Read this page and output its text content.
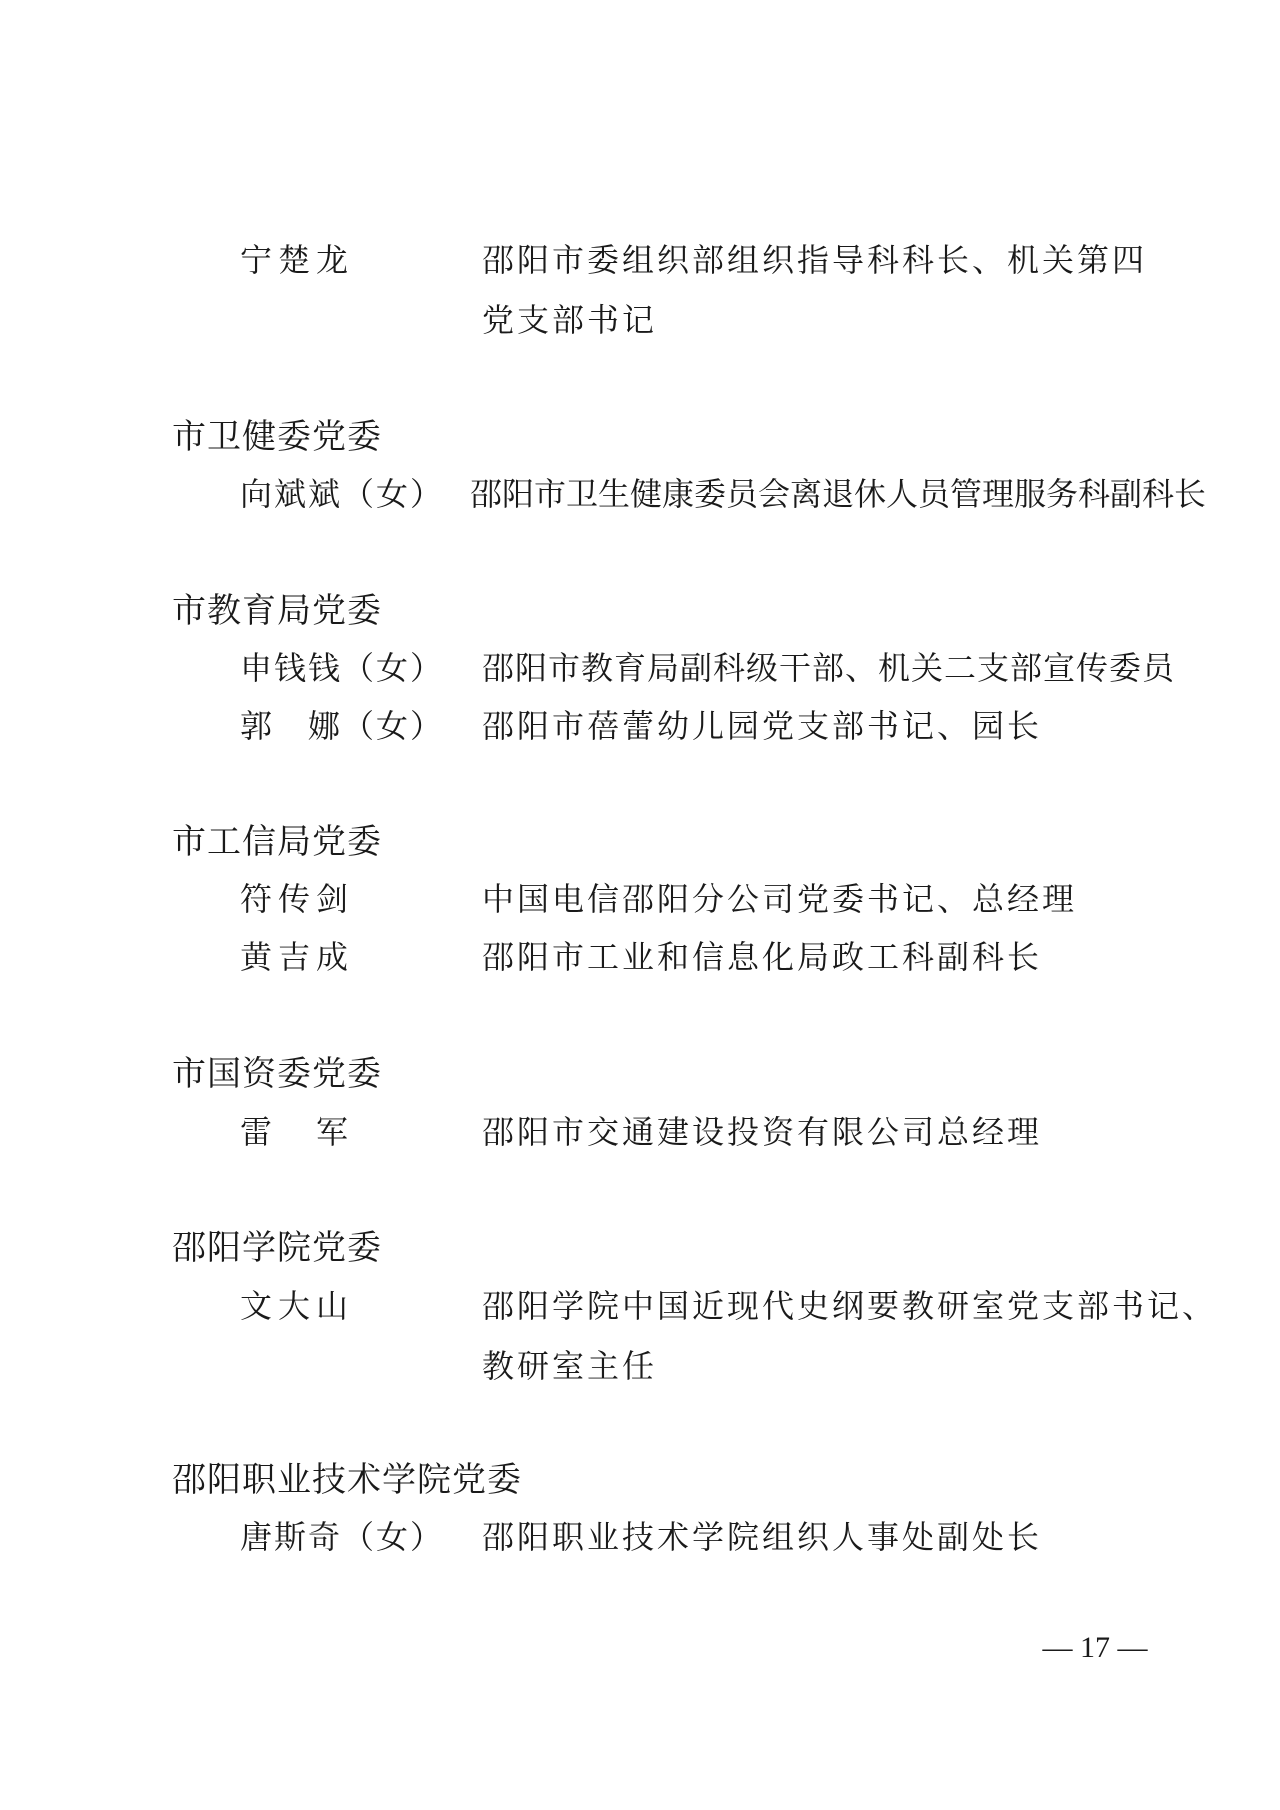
宁楚龙	邵阳市委组织部组织指导科科长、机关第四
党支部书记
市卫健委党委
向斌斌（女） 邵阳市卫生健康委员会离退休人员管理服务科副科长
市教育局党委
申钱钱（女） 邵阳市教育局副科级干部、机关二支部宣传委员
郭　娜（女） 邵阳市蓓蕾幼儿园党支部书记、园长
市工信局党委
符传剑	中国电信邵阳分公司党委书记、总经理
黄吉成	邵阳市工业和信息化局政工科副科长
市国资委党委
雷　军	邵阳市交通建设投资有限公司总经理
邵阳学院党委
文大山	邵阳学院中国近现代史纲要教研室党支部书记、
教研室主任
邵阳职业技术学院党委
唐斯奇（女） 邵阳职业技术学院组织人事处副处长
— 17 —
